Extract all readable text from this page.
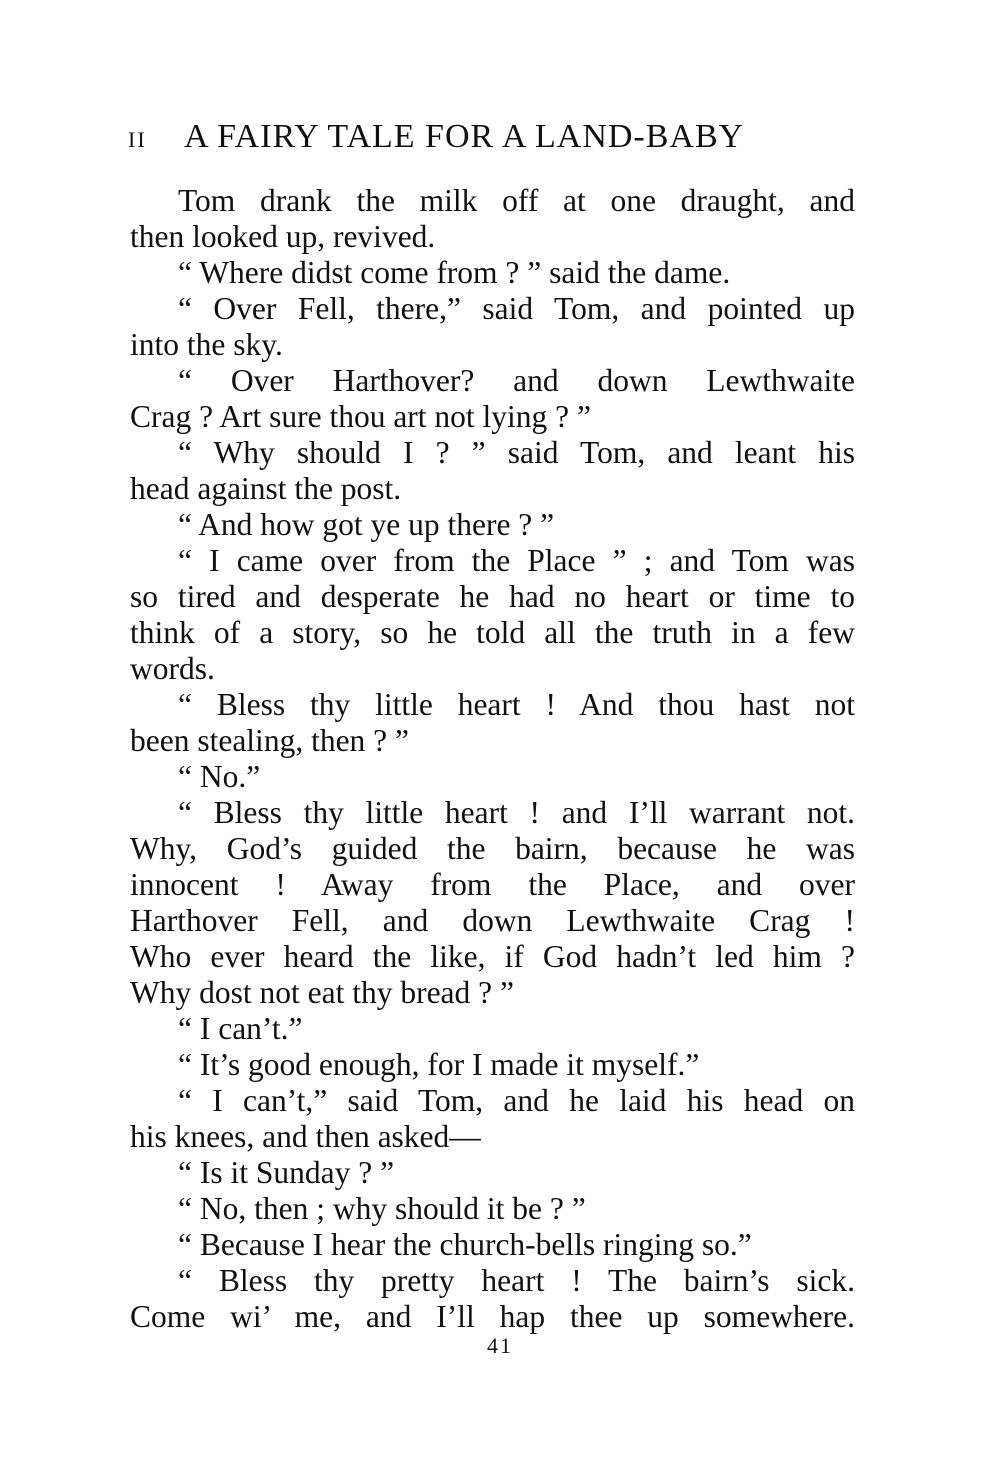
II A FAIRY TALE FOR A LAND-BABY
Tom drank the milk off at one draught, and
then looked up, revived.
“ Where didst come from ? ” said the dame.
“ Over Fell, there,” said Tom, and pointed up
into the sky.
“ Over Harthover? and down Lewthwaite
Crag ? Art sure thou art not lying ? ”
“ Why should I ? ” said Tom, and leant his
head against the post.
“ And how got ye up there ? ”
“ I came over from the Place ” ; and Tom was
so tired and desperate he had no heart or time to
think of a story, so he told all the truth in a few
words.
“ Bless thy little heart ! And thou hast not
been stealing, then ? ”
“ No.”
“ Bless thy little heart ! and I’ll warrant not.
Why, God’s guided the bairn, because he was
innocent ! Away from the Place, and over
Harthover Fell, and down Lewthwaite Crag !
Who ever heard the like, if God hadn’t led him ?
Why dost not eat thy bread ? ”
“ I can’t.”
“ It’s good enough, for I made it myself.”
“ I can’t,” said Tom, and he laid his head on
his knees, and then asked—
“ Is it Sunday ? ”
“ No, then ; why should it be ? ”
“ Because I hear the church-bells ringing so.”
“ Bless thy pretty heart ! The bairn’s sick.
Come wi’ me, and I’ll hap thee up somewhere.
41
